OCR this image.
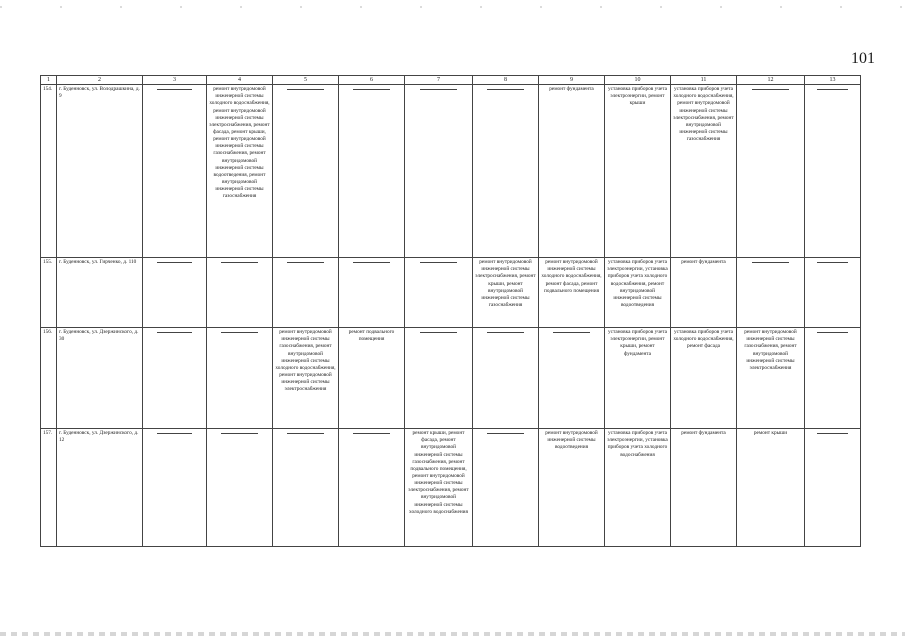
101
1	2	3	4	5	6	7	8	9	10	11	12	13
154.	г. Буденновск, ул. Володрашкина, д. 9		ремонт внутридомовой инженерной системы холодного водоснабжения, ремонт внутридомовой инженерной системы электроснабжения, ремонт фасада, ремонт крыши, ремонт внутридомовой инженерной системы газоснабжения, ремонт внутридомовой инженерной системы водоотведения, ремонт внутридомовой инженерной системы газоснабжения					ремонт фундамента	установка приборов учета электроэнергии, ремонт крыши	установка приборов учета холодного водоснабжения, ремонт внутридомовой инженерной системы электроснабжения, ремонт внутридомовой инженерной системы газоснабжения	

155.	г. Буденновск, ул. Гирченко, д. 110						ремонт внутридомовой инженерной системы электроснабжения, ремонт крыши, ремонт внутридомовой инженерной системы газоснабжения	ремонт внутридомовой инженерной системы холодного водоснабжения, ремонт фасада, ремонт подвального помещения	установка приборов учета электроэнергии, установка приборов учета холодного водоснабжения, ремонт внутридомовой инженерной системы водоотведения	ремонт фундамента	

156.	г. Буденновск, ул. Дзержинского, д. 30			ремонт внутридомовой инженерной системы газоснабжения, ремонт внутридомовой инженерной системы холодного водоснабжения, ремонт внутридомовой инженерной системы электроснабжения	ремонт подвального помещения				установка приборов учета электроэнергии, ремонт крыши, ремонт фундамента	установка приборов учета холодного водоснабжения, ремонт фасада	ремонт внутридомовой инженерной системы газоснабжения, ремонт внутридомовой инженерной системы электроснабжения	

157.	г. Буденновск, ул. Дзержинского, д. 12					ремонт крыши, ремонт фасада, ремонт внутридомовой инженерной системы газоснабжения, ремонт подвального помещения, ремонт внутридомовой инженерной системы электроснабжения, ремонт внутридомовой инженерной системы холодного водоснабжения		ремонт внутридомовой инженерной системы водоотведения	установка приборов учета электроэнергии, установка приборов учета холодного водоснабжения	ремонт фундамента	ремонт крыши	
